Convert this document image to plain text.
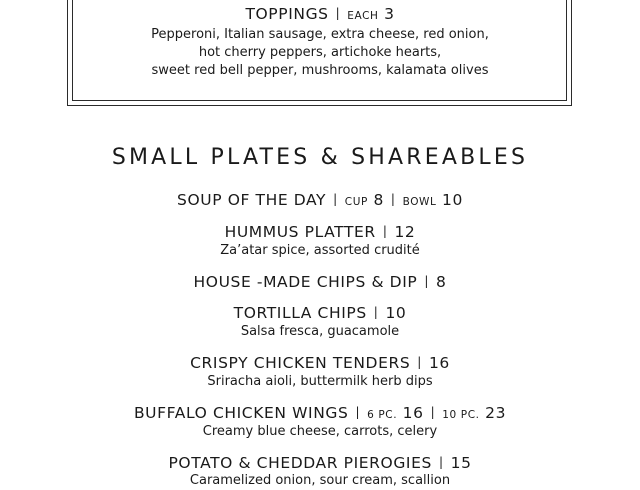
TOPPINGS | EACH 3
Pepperoni, Italian sausage, extra cheese, red onion,
hot cherry peppers, artichoke hearts,
sweet red bell pepper, mushrooms, kalamata olives
SMALL PLATES & SHAREABLES
SOUP OF THE DAY | CUP 8 | BOWL 10
HUMMUS PLATTER | 12
Za’atar spice, assorted crudité
HOUSE -MADE CHIPS & DIP | 8
TORTILLA CHIPS | 10
Salsa fresca, guacamole
CRISPY CHICKEN TENDERS | 16
Sriracha aioli, buttermilk herb dips
BUFFALO CHICKEN WINGS | 6 PC. 16 | 10 PC. 23
Creamy blue cheese, carrots, celery
POTATO & CHEDDAR PIEROGIES | 15
Caramelized onion, sour cream, scallion
